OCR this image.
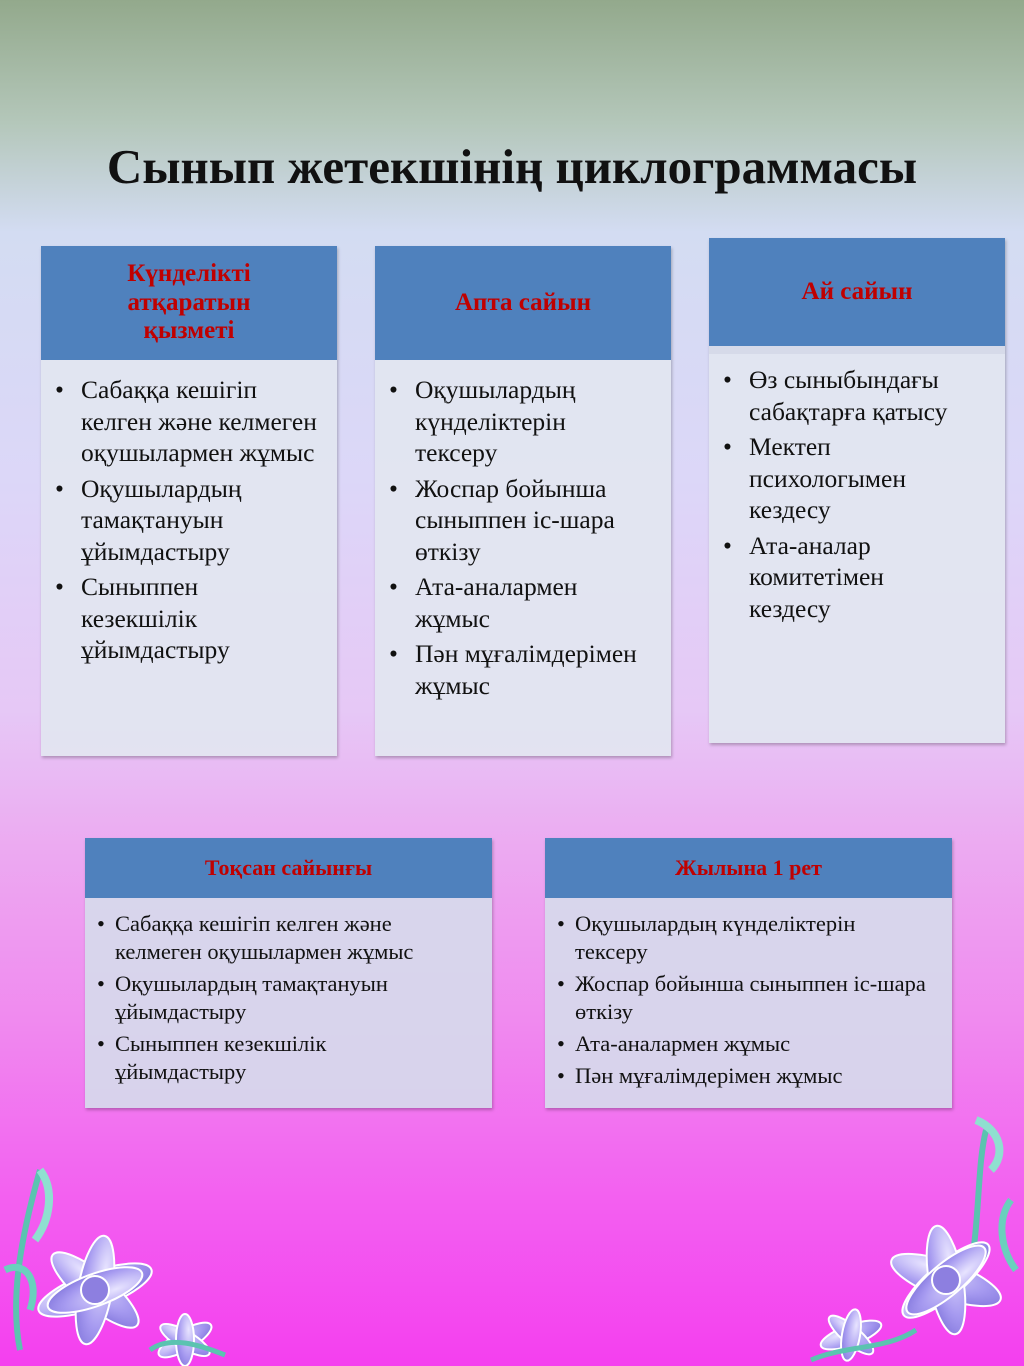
Сынып жетекшінің циклограммасы
Күнделікті атқаратын қызметі
• Сабаққа кешігіп келген және келмеген оқушылармен жұмыс
• Оқушылардың тамақтануын ұйымдастыру
• Сыныппен кезекшілік ұйымдастыру
Апта сайын
• Оқушылардың күнделіктерін тексеру
• Жоспар бойынша сыныппен іс-шара өткізу
• Ата-аналармен жұмыс
• Пән мұғалімдерімен жұмыс
Ай сайын
• Өз сыныбындағы сабақтарға қатысу
• Мектеп психологымен кездесу
• Ата-аналар комитетімен кездесу
Тоқсан сайынғы
• Сабаққа кешігіп келген және келмеген оқушылармен жұмыс
• Оқушылардың тамақтануын ұйымдастыру
• Сыныппен кезекшілік ұйымдастыру
Жылына 1 рет
• Оқушылардың күнделіктерін тексеру
• Жоспар бойынша сыныппен іс-шара өткізу
• Ата-аналармен жұмыс
• Пән мұғалімдерімен жұмыс
